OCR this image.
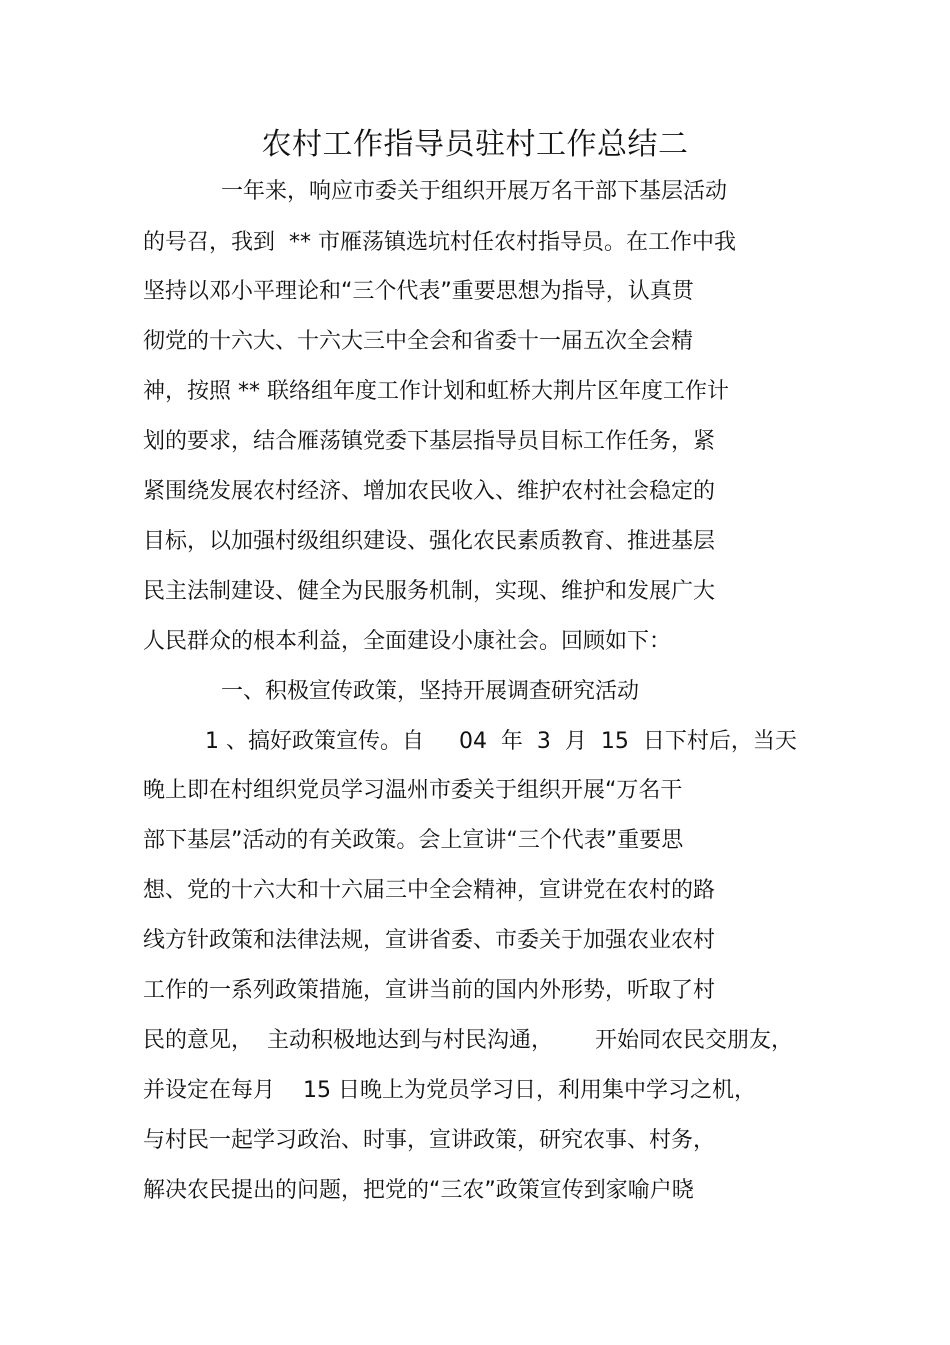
农村工作指导员驻村工作总结二
一年来，响应市委关于组织开展万名干部下基层活动
的号召，我到  ** 市雁荡镇选坑村任农村指导员。在工作中我
坚持以邓小平理论和“三个代表”重要思想为指导，认真贯
彻党的十六大、十六大三中全会和省委十一届五次全会精
神，按照 ** 联络组年度工作计划和虹桥大荆片区年度工作计
划的要求，结合雁荡镇党委下基层指导员目标工作任务，紧
紧围绕发展农村经济、增加农民收入、维护农村社会稳定的
目标，以加强村级组织建设、强化农民素质教育、推进基层
民主法制建设、健全为民服务机制，实现、维护和发展广大
人民群众的根本利益，全面建设小康社会。回顾如下：
一、积极宣传政策，坚持开展调查研究活动
1 、搞好政策宣传。自     04  年  3  月  15  日下村后，当天
晚上即在村组织党员学习温州市委关于组织开展“万名干
部下基层”活动的有关政策。会上宣讲“三个代表”重要思
想、党的十六大和十六届三中全会精神，宣讲党在农村的路
线方针政策和法律法规，宣讲省委、市委关于加强农业农村
工作的一系列政策措施，宣讲当前的国内外形势，听取了村
民的意见，  主动积极地达到与村民沟通，      开始同农民交朋友，
并设定在每月    15 日晚上为党员学习日，利用集中学习之机，
与村民一起学习政治、时事，宣讲政策，研究农事、村务，
解决农民提出的问题，把党的“三农”政策宣传到家喻户晓
